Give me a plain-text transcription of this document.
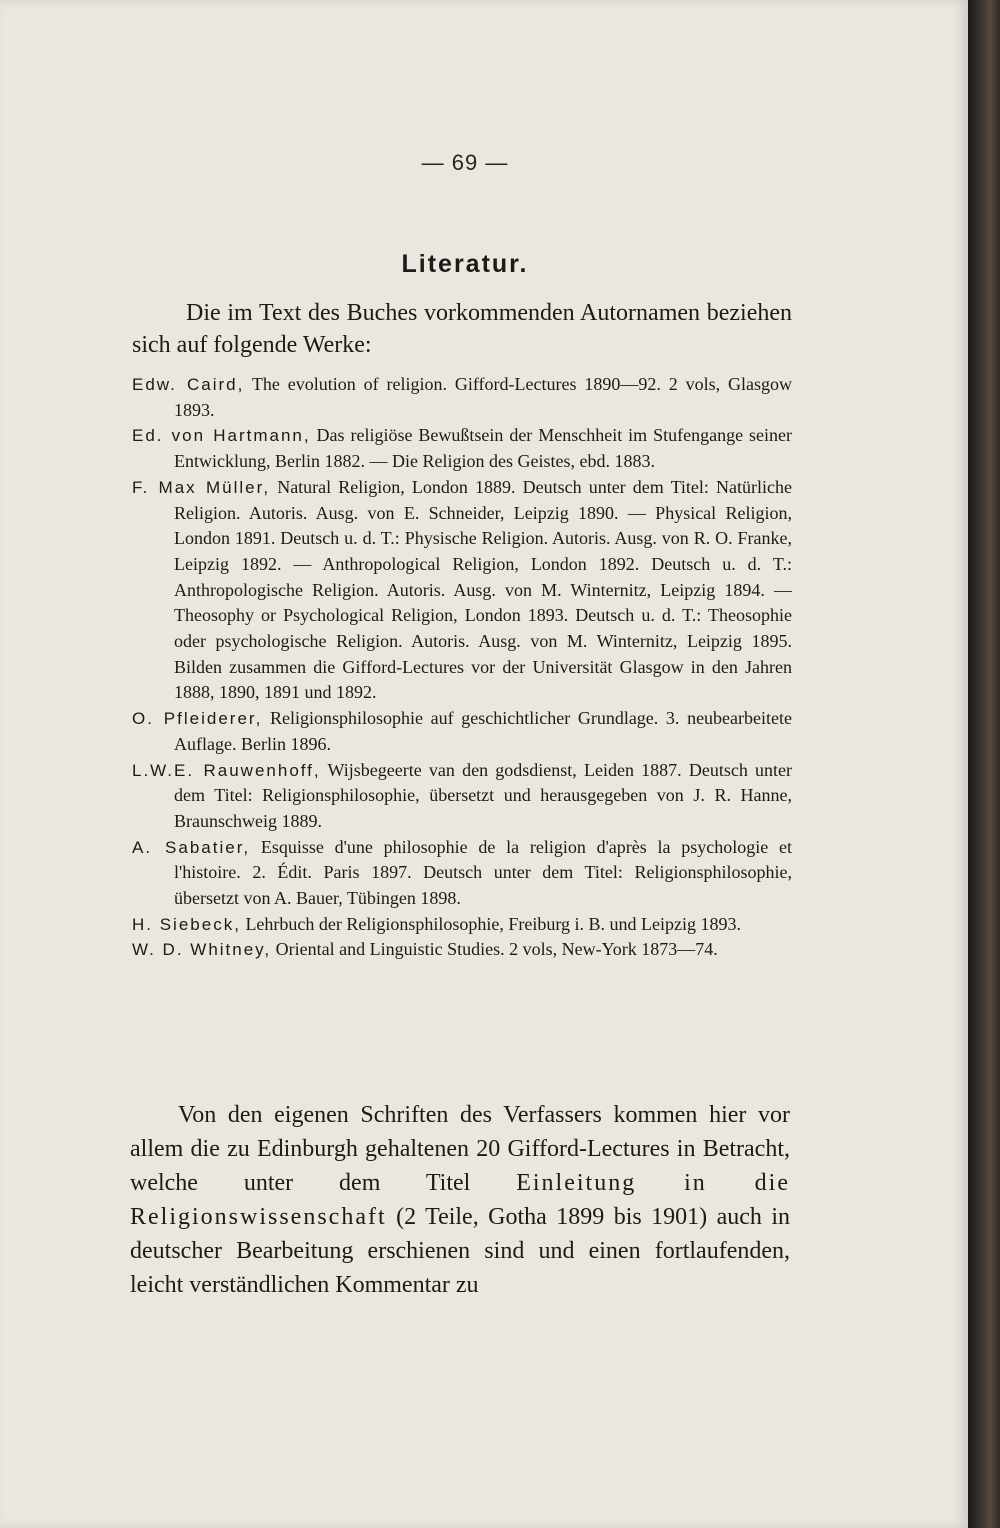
— 69 —
Literatur.
Die im Text des Buches vorkommenden Autornamen beziehen sich auf folgende Werke:
Edw. Caird, The evolution of religion. Gifford-Lectures 1890—92. 2 vols, Glasgow 1893.
Ed. von Hartmann, Das religiöse Bewußtsein der Menschheit im Stufengange seiner Entwicklung, Berlin 1882. — Die Religion des Geistes, ebd. 1883.
F. Max Müller, Natural Religion, London 1889. Deutsch unter dem Titel: Natürliche Religion. Autoris. Ausg. von E. Schneider, Leipzig 1890. — Physical Religion, London 1891. Deutsch u. d. T.: Physische Religion. Autoris. Ausg. von R. O. Franke, Leipzig 1892. — Anthropological Religion, London 1892. Deutsch u. d. T.: Anthropologische Religion. Autoris. Ausg. von M. Winternitz, Leipzig 1894. — Theosophy or Psychological Religion, London 1893. Deutsch u. d. T.: Theosophie oder psychologische Religion. Autoris. Ausg. von M. Winternitz, Leipzig 1895. Bilden zusammen die Gifford-Lectures vor der Universität Glasgow in den Jahren 1888, 1890, 1891 und 1892.
O. Pfleiderer, Religionsphilosophie auf geschichtlicher Grundlage. 3. neubearbeitete Auflage. Berlin 1896.
L.W.E. Rauwenhoff, Wijsbegeerte van den godsdienst, Leiden 1887. Deutsch unter dem Titel: Religionsphilosophie, übersetzt und herausgegeben von J. R. Hanne, Braunschweig 1889.
A. Sabatier, Esquisse d'une philosophie de la religion d'après la psychologie et l'histoire. 2. Édit. Paris 1897. Deutsch unter dem Titel: Religionsphilosophie, übersetzt von A. Bauer, Tübingen 1898.
H. Siebeck, Lehrbuch der Religionsphilosophie, Freiburg i. B. und Leipzig 1893.
W. D. Whitney, Oriental and Linguistic Studies. 2 vols, New-York 1873—74.
Von den eigenen Schriften des Verfassers kommen hier vor allem die zu Edinburgh gehaltenen 20 Gifford-Lectures in Betracht, welche unter dem Titel Einleitung in die Religionswissenschaft (2 Teile, Gotha 1899 bis 1901) auch in deutscher Bearbeitung erschienen sind und einen fortlaufenden, leicht verständlichen Kommentar zu
